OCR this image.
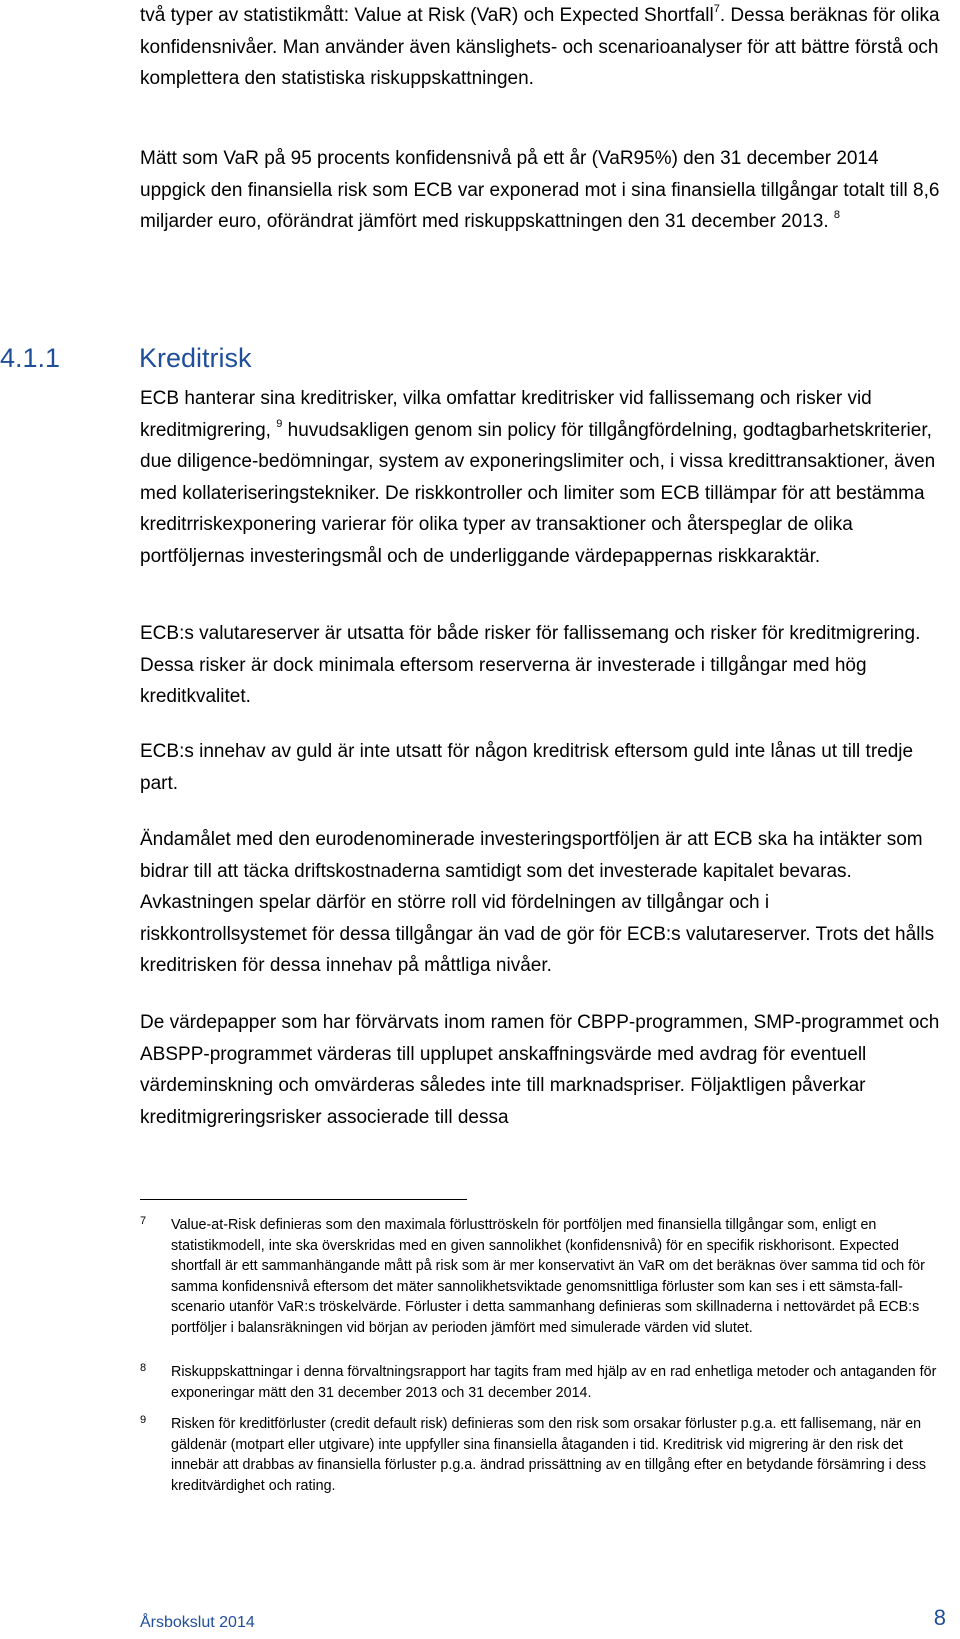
två typer av statistikmått: Value at Risk (VaR) och Expected Shortfall$^7$. Dessa beräknas för olika konfidensnivåer. Man använder även känslighets- och scenarioanalyser för att bättre förstå och komplettera den statistiska riskuppskattningen.

Mätt som VaR på 95 procents konfidensnivå på ett år (VaR95%) den 31 december 2014 uppgick den finansiella risk som ECB var exponerad mot i sina finansiella tillgångar totalt till 8,6 miljarder euro, oförändrat jämfört med riskuppskattningen den 31 december 2013. $^8$

4.1.1	Kreditrisk

ECB hanterar sina kreditrisker, vilka omfattar kreditrisker vid fallissemang och risker vid kreditmigrering, $^9$ huvudsakligen genom sin policy för tillgångfördelning, godtagbarhetskriterier, due diligence-bedömningar, system av exponeringslimiter och, i vissa kredittransaktioner, även med kollateriseringstekniker. De riskkontroller och limiter som ECB tillämpar för att bestämma kreditrriskexponering varierar för olika typer av transaktioner och återspeglar de olika portföljernas investeringsmål och de underliggande värdepappernas riskkaraktär.

ECB:s valutareserver är utsatta för både risker för fallissemang och risker för kreditmigrering. Dessa risker är dock minimala eftersom reserverna är investerade i tillgångar med hög kreditkvalitet.

ECB:s innehav av guld är inte utsatt för någon kreditrisk eftersom guld inte lånas ut till tredje part.

Ändamålet med den eurodenominerade investeringsportföljen är att ECB ska ha intäkter som bidrar till att täcka driftskostnaderna samtidigt som det investerade kapitalet bevaras. Avkastningen spelar därför en större roll vid fördelningen av tillgångar och i riskkontrollsystemet för dessa tillgångar än vad de gör för ECB:s valutareserver. Trots det hålls kreditrisken för dessa innehav på måttliga nivåer.

De värdepapper som har förvärvats inom ramen för CBPP-programmen, SMP-programmet och ABSPP-programmet värderas till upplupet anskaffningsvärde med avdrag för eventuell värdeminskning och omvärderas således inte till marknadspriser. Följaktligen påverkar kreditmigreringsrisker associerade till dessa

7 Value-at-Risk definieras som den maximala förlusttröskeln för portföljen med finansiella tillgångar som, enligt en statistikmodell, inte ska överskridas med en given sannolikhet (konfidensnivå) för en specifik riskhorisont. Expected shortfall är ett sammanhängande mått på risk som är mer konservativt än VaR om det beräknas över samma tid och för samma konfidensnivå eftersom det mäter sannolikhetsviktade genomsnittliga förluster som kan ses i ett sämsta-fall-scenario utanför VaR:s tröskelvärde. Förluster i detta sammanhang definieras som skillnaderna i nettovärdet på ECB:s portföljer i balansräkningen vid början av perioden jämfört med simulerade värden vid slutet.
8 Riskuppskattningar i denna förvaltningsrapport har tagits fram med hjälp av en rad enhetliga metoder och antaganden för exponeringar mätt den 31 december 2013 och 31 december 2014.
9 Risken för kreditförluster (credit default risk) definieras som den risk som orsakar förluster p.g.a. ett fallisemang, när en gäldenär (motpart eller utgivare) inte uppfyller sina finansiella åtaganden i tid. Kreditrisk vid migrering är den risk det innebär att drabbas av finansiella förluster p.g.a. ändrad prissättning av en tillgång efter en betydande försämring i dess kreditvärdighet och rating.
Årsbokslut 2014	8
